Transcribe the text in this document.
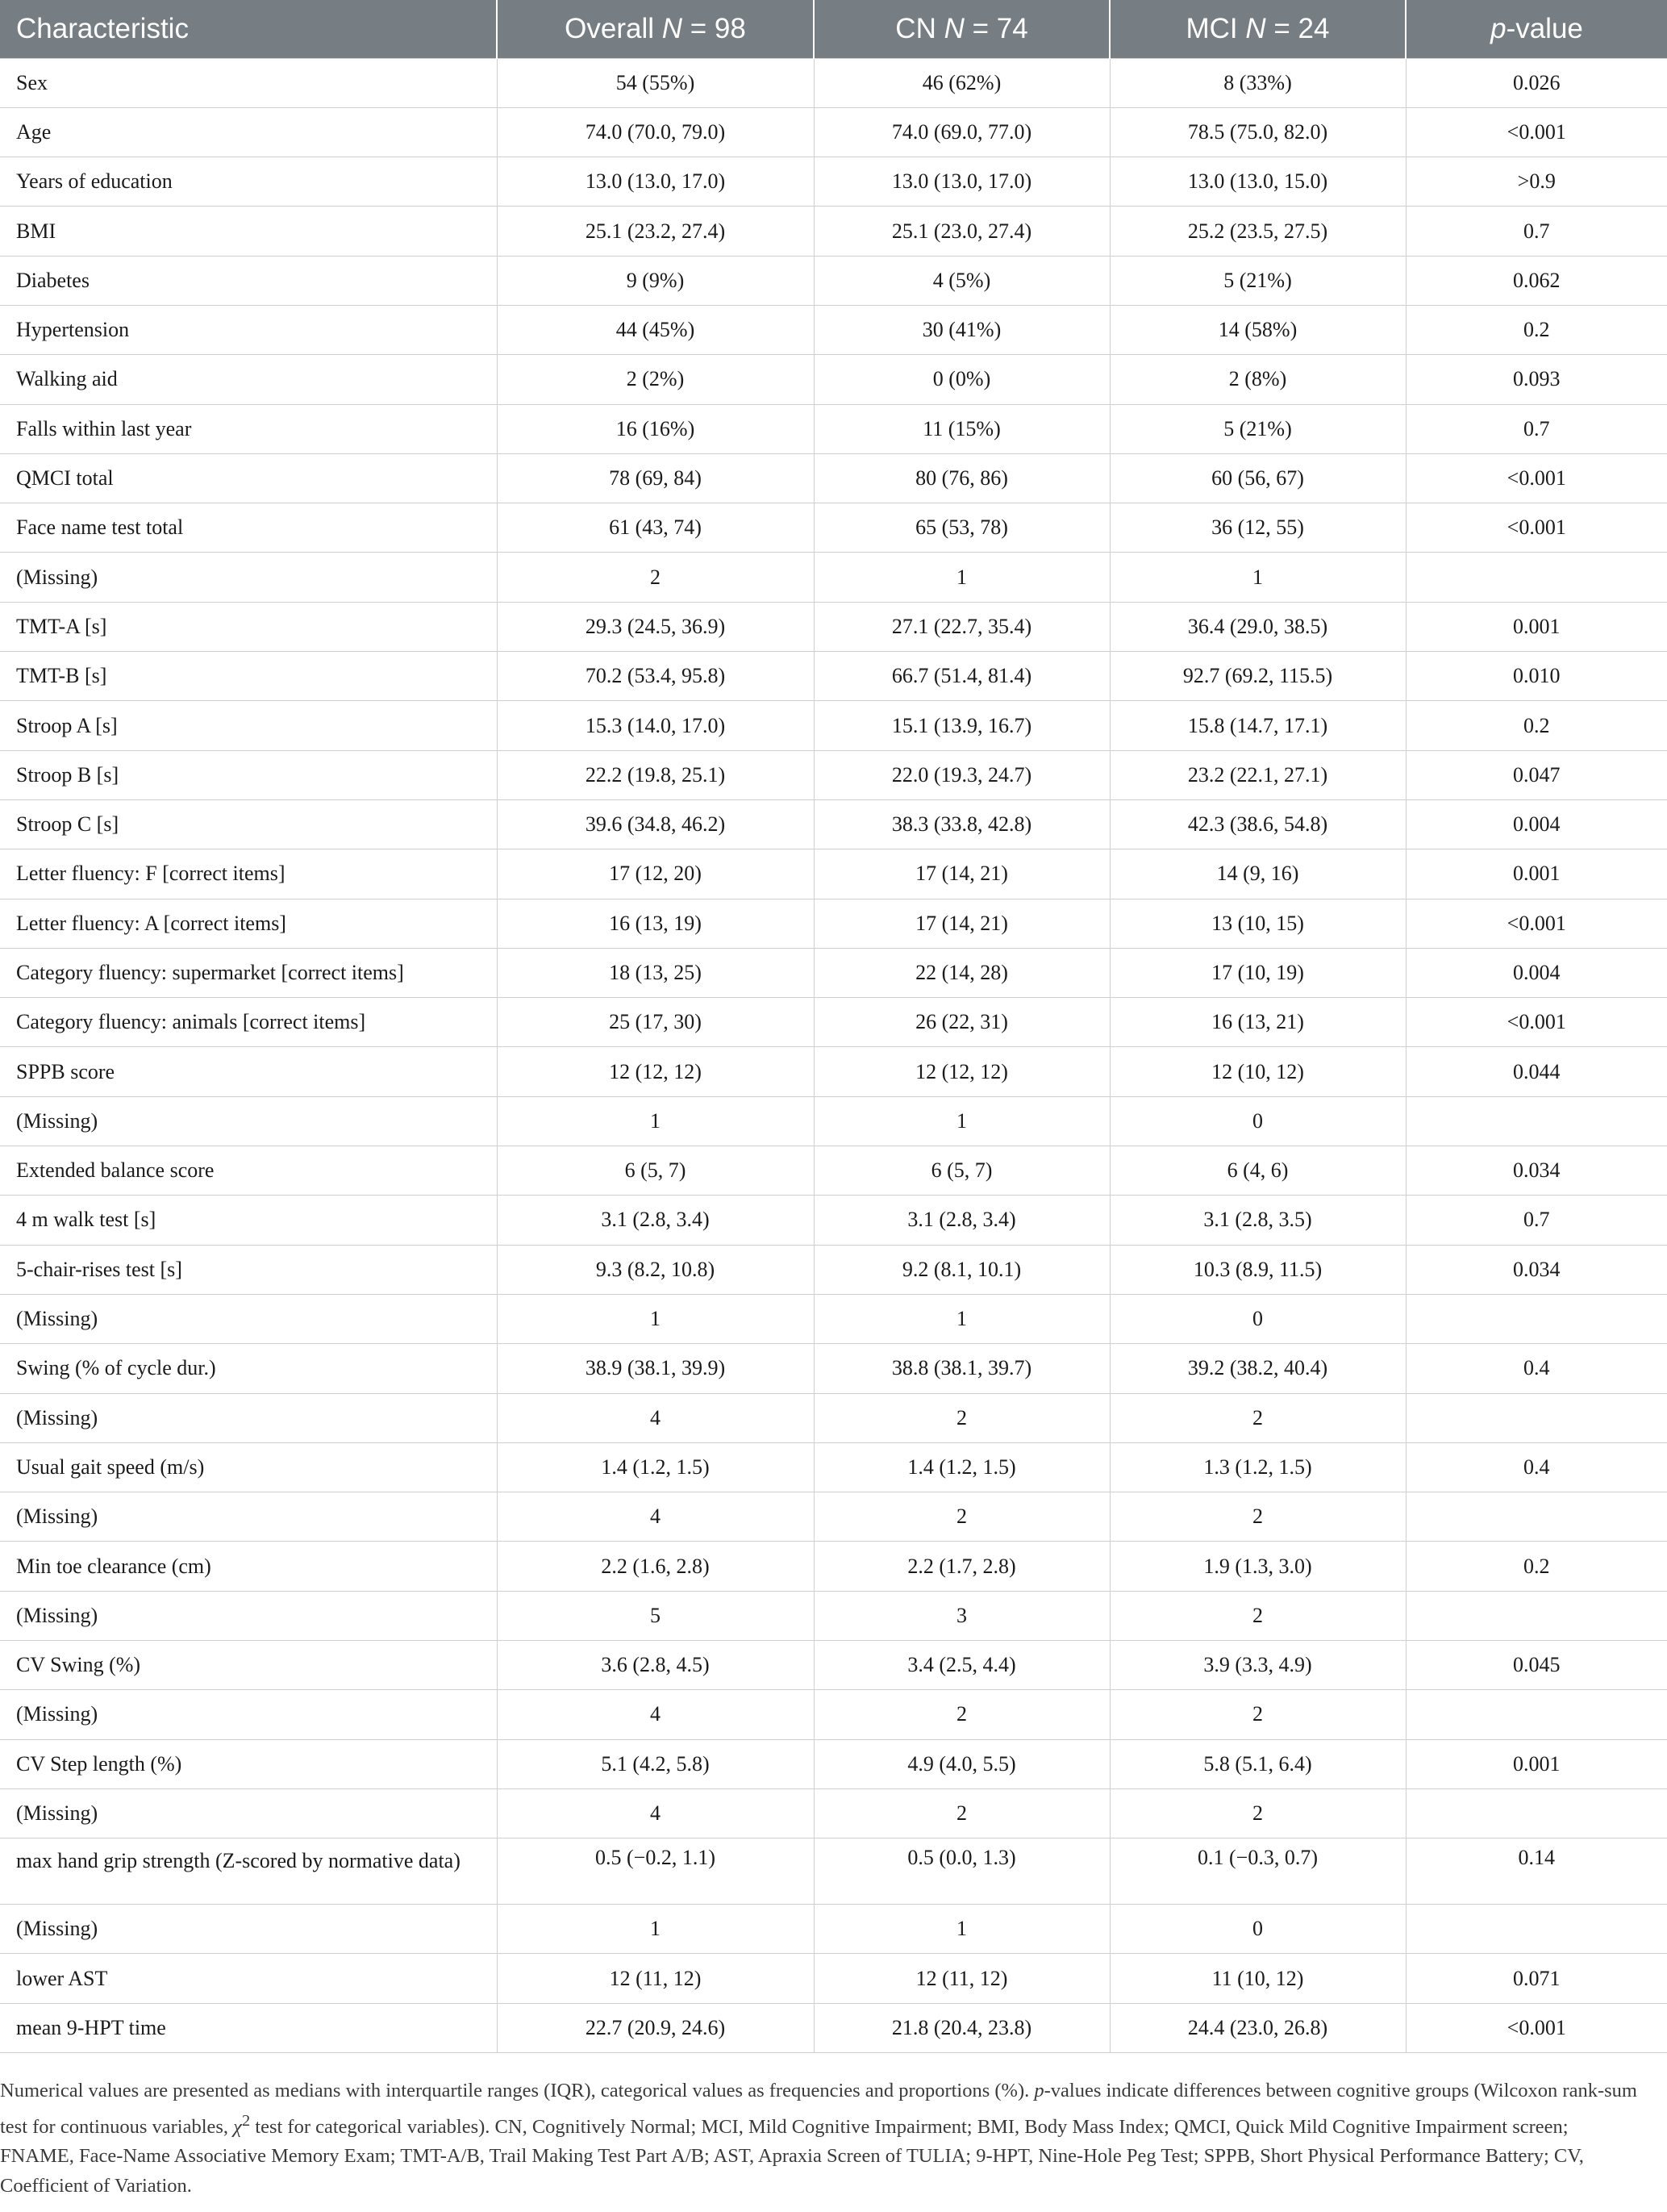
Characteristic	Overall N = 98	CN N = 74	MCI N = 24	p-value
Sex	54 (55%)	46 (62%)	8 (33%)	0.026
Age	74.0 (70.0, 79.0)	74.0 (69.0, 77.0)	78.5 (75.0, 82.0)	<0.001
Years of education	13.0 (13.0, 17.0)	13.0 (13.0, 17.0)	13.0 (13.0, 15.0)	>0.9
BMI	25.1 (23.2, 27.4)	25.1 (23.0, 27.4)	25.2 (23.5, 27.5)	0.7
Diabetes	9 (9%)	4 (5%)	5 (21%)	0.062
Hypertension	44 (45%)	30 (41%)	14 (58%)	0.2
Walking aid	2 (2%)	0 (0%)	2 (8%)	0.093
Falls within last year	16 (16%)	11 (15%)	5 (21%)	0.7
QMCI total	78 (69, 84)	80 (76, 86)	60 (56, 67)	<0.001
Face name test total	61 (43, 74)	65 (53, 78)	36 (12, 55)	<0.001
(Missing)	2	1	1	
TMT-A [s]	29.3 (24.5, 36.9)	27.1 (22.7, 35.4)	36.4 (29.0, 38.5)	0.001
TMT-B [s]	70.2 (53.4, 95.8)	66.7 (51.4, 81.4)	92.7 (69.2, 115.5)	0.010
Stroop A [s]	15.3 (14.0, 17.0)	15.1 (13.9, 16.7)	15.8 (14.7, 17.1)	0.2
Stroop B [s]	22.2 (19.8, 25.1)	22.0 (19.3, 24.7)	23.2 (22.1, 27.1)	0.047
Stroop C [s]	39.6 (34.8, 46.2)	38.3 (33.8, 42.8)	42.3 (38.6, 54.8)	0.004
Letter fluency: F [correct items]	17 (12, 20)	17 (14, 21)	14 (9, 16)	0.001
Letter fluency: A [correct items]	16 (13, 19)	17 (14, 21)	13 (10, 15)	<0.001
Category fluency: supermarket [correct items]	18 (13, 25)	22 (14, 28)	17 (10, 19)	0.004
Category fluency: animals [correct items]	25 (17, 30)	26 (22, 31)	16 (13, 21)	<0.001
SPPB score	12 (12, 12)	12 (12, 12)	12 (10, 12)	0.044
(Missing)	1	1	0	
Extended balance score	6 (5, 7)	6 (5, 7)	6 (4, 6)	0.034
4 m walk test [s]	3.1 (2.8, 3.4)	3.1 (2.8, 3.4)	3.1 (2.8, 3.5)	0.7
5-chair-rises test [s]	9.3 (8.2, 10.8)	9.2 (8.1, 10.1)	10.3 (8.9, 11.5)	0.034
(Missing)	1	1	0	
Swing (% of cycle dur.)	38.9 (38.1, 39.9)	38.8 (38.1, 39.7)	39.2 (38.2, 40.4)	0.4
(Missing)	4	2	2	
Usual gait speed (m/s)	1.4 (1.2, 1.5)	1.4 (1.2, 1.5)	1.3 (1.2, 1.5)	0.4
(Missing)	4	2	2	
Min toe clearance (cm)	2.2 (1.6, 2.8)	2.2 (1.7, 2.8)	1.9 (1.3, 3.0)	0.2
(Missing)	5	3	2	
CV Swing (%)	3.6 (2.8, 4.5)	3.4 (2.5, 4.4)	3.9 (3.3, 4.9)	0.045
(Missing)	4	2	2	
CV Step length (%)	5.1 (4.2, 5.8)	4.9 (4.0, 5.5)	5.8 (5.1, 6.4)	0.001
(Missing)	4	2	2	
max hand grip strength (Z-scored by normative data)	0.5 (−0.2, 1.1)	0.5 (0.0, 1.3)	0.1 (−0.3, 0.7)	0.14
(Missing)	1	1	0	
lower AST	12 (11, 12)	12 (11, 12)	11 (10, 12)	0.071
mean 9-HPT time	22.7 (20.9, 24.6)	21.8 (20.4, 23.8)	24.4 (23.0, 26.8)	<0.001

Numerical values are presented as medians with interquartile ranges (IQR), categorical values as frequencies and proportions (%). p-values indicate differences between cognitive groups (Wilcoxon rank-sum test for continuous variables, $\chi^2$ test for categorical variables). CN, Cognitively Normal; MCI, Mild Cognitive Impairment; BMI, Body Mass Index; QMCI, Quick Mild Cognitive Impairment screen; FNAME, Face-Name Associative Memory Exam; TMT-A/B, Trail Making Test Part A/B; AST, Apraxia Screen of TULIA; 9-HPT, Nine-Hole Peg Test; SPPB, Short Physical Performance Battery; CV, Coefficient of Variation.
